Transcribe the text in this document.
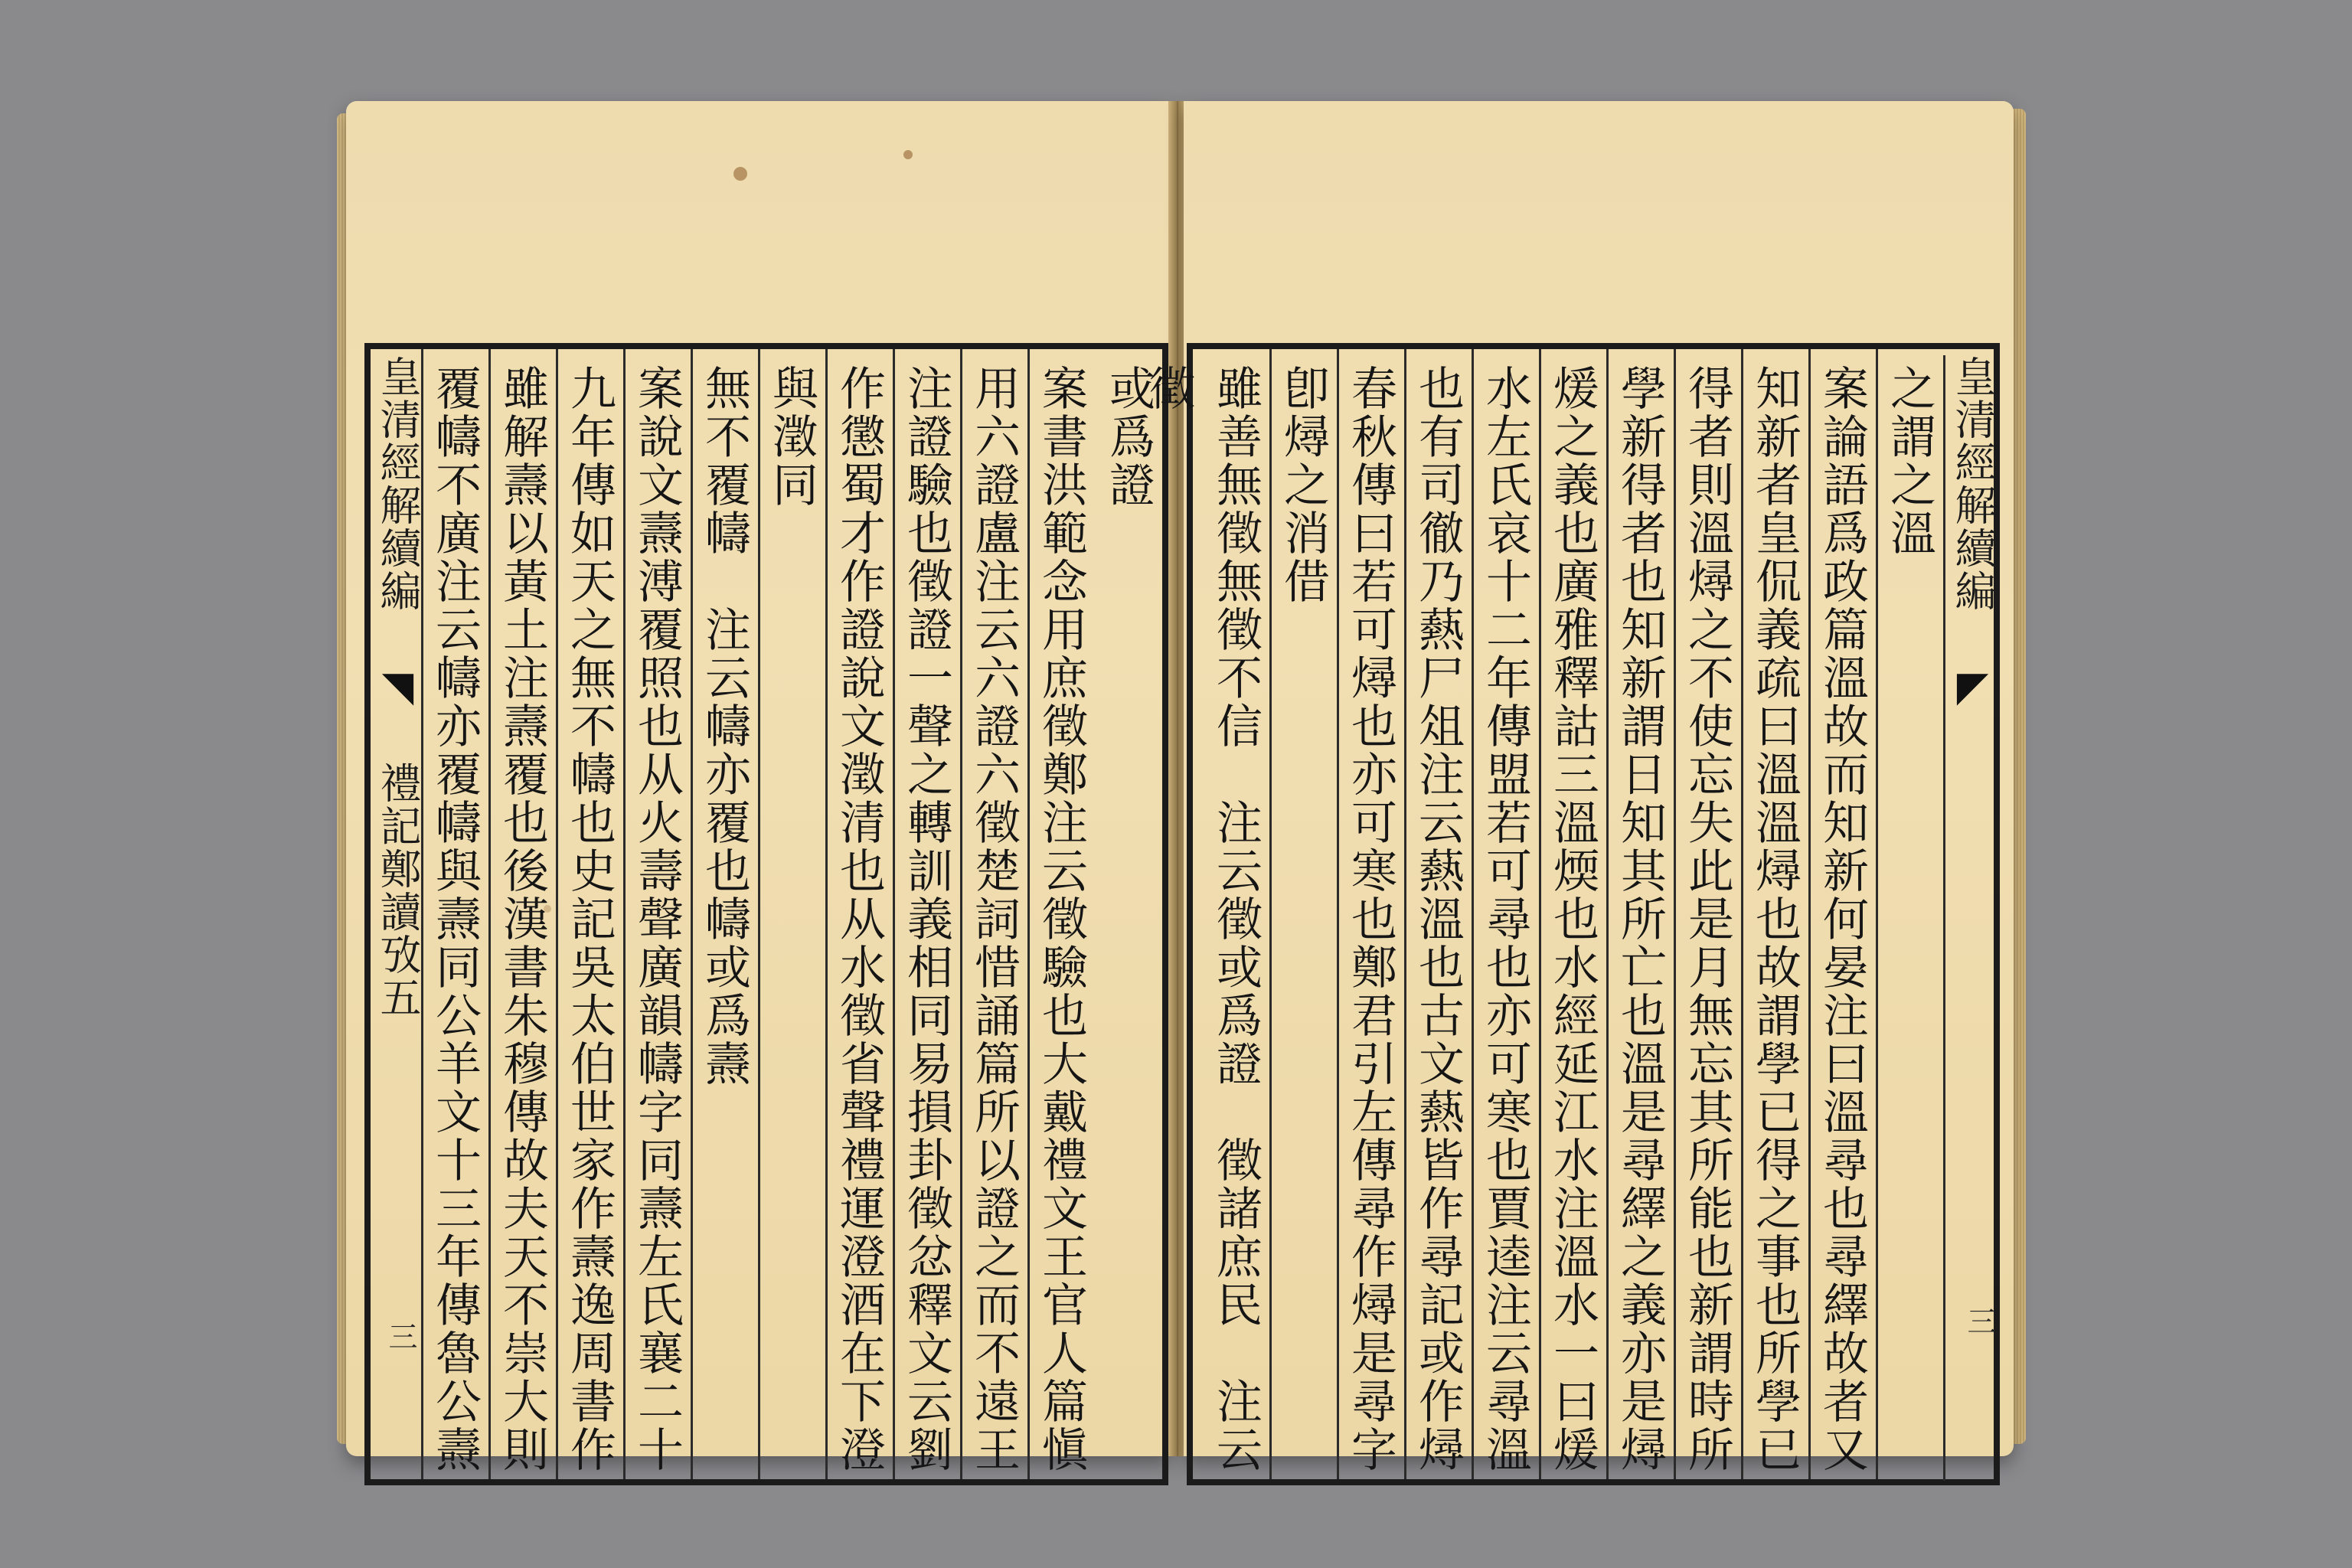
皇清經解續編 ◥ 禮記鄭讀攷五
三
或爲證
案書洪範念用庶徵鄭注云徵驗也大戴禮文王官人篇愼
用六證盧注云六證六徵楚詞惜誦篇所以證之而不遠王
注證驗也徵證一聲之轉訓義相同易損卦徵忿釋文云劉
作懲蜀才作證說文澂清也从水徵省聲禮運澄酒在下澄
與澂同
無不覆幬　注云幬亦覆也幬或爲燾
案說文燾溥覆照也从火壽聲廣韻幬字同燾左氏襄二十
九年傳如天之無不幬也史記吳太伯世家作燾逸周書作
雖解燾以黃土注燾覆也後漢書朱穆傳故夫天不崇大則
覆幬不廣注云幬亦覆幬與燾同公羊文十三年傳魯公燾	雖善無徵無徵不信　注云徵或爲證　徵諸庶民　注云徵	卽燖之消借 春秋傳曰若可燖也亦可寒也鄭君引左傳尋作燖是尋字 也有司徹乃爇尸俎注云爇溫也古文爇皆作尋記或作燖 水左氏哀十二年傳盟若可尋也亦可寒也賈逵注云尋溫 煖之義也廣雅釋詁三溫煗也水經延江水注溫水一曰煖 學新得者也知新謂日知其所亡也溫是尋繹之義亦是燖 得者則溫燖之不使忘失此是月無忘其所能也新謂時所 知新者皇侃義疏曰溫溫燖也故謂學已得之事也所學已 案論語爲政篇溫故而知新何晏注曰溫尋也尋繹故者又 之謂之溫 皇清經解續編 ◤
三
